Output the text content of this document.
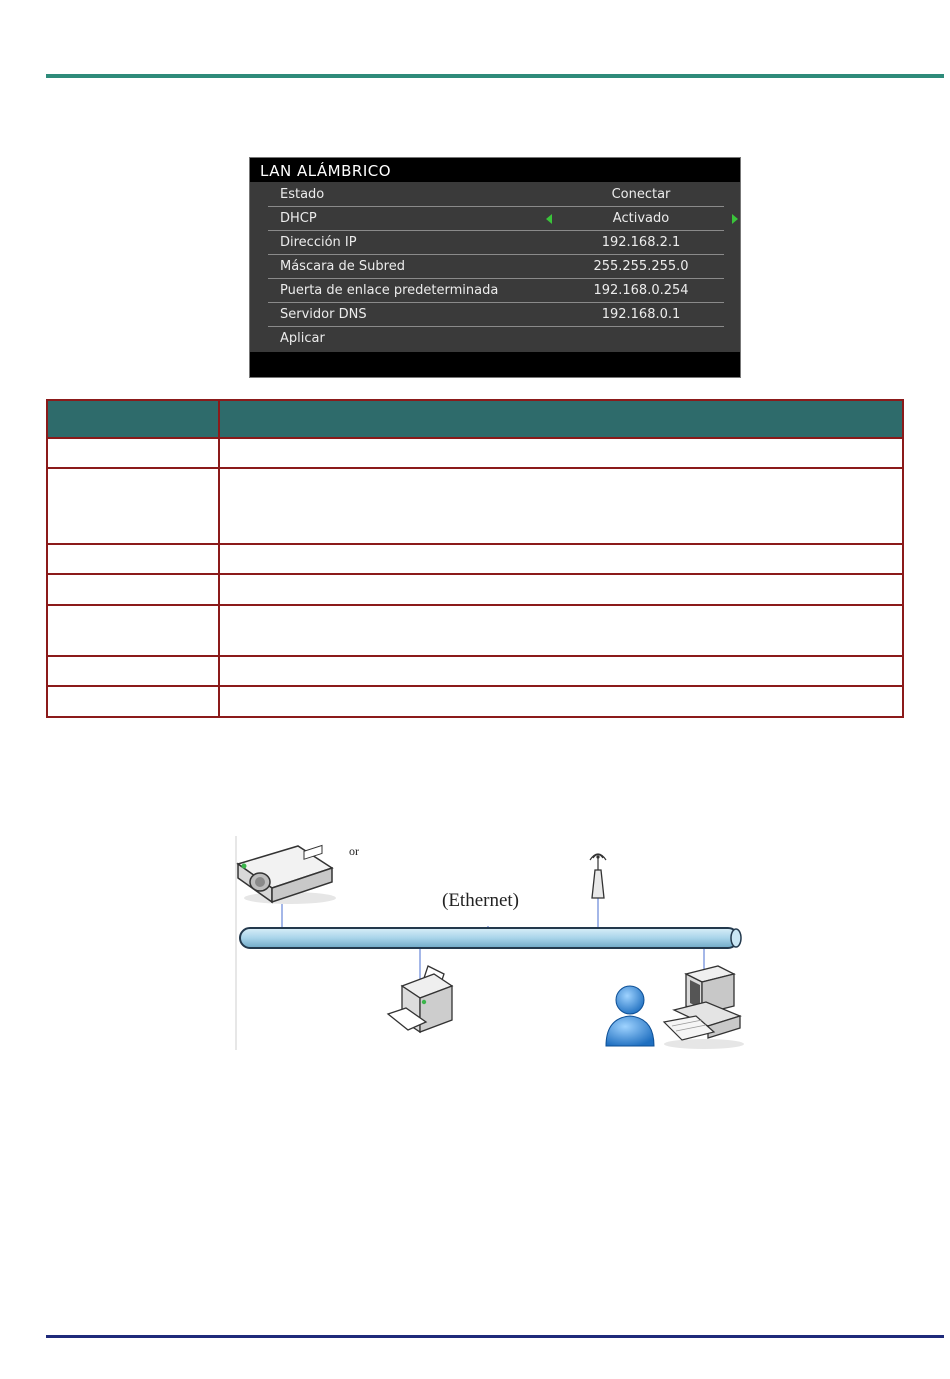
LAN ALÁMBRICO
Estado	Conectar
DHCP	Activado
Dirección IP	192.168.2.1
Máscara de Subred	255.255.255.0
Puerta de enlace predeterminada	192.168.0.254
Servidor DNS	192.168.0.1
Aplicar

or
(Ethernet)
